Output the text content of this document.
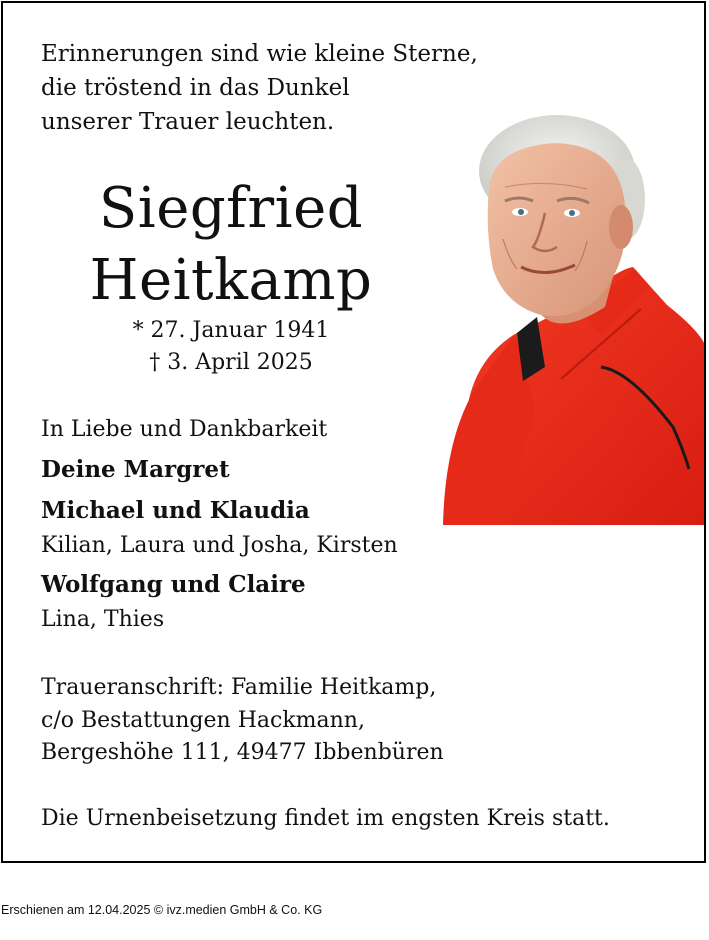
Erinnerungen sind wie kleine Sterne,
die tröstend in das Dunkel
unserer Trauer leuchten.
Siegfried
Heitkamp
* 27. Januar 1941
† 3. April 2025
In Liebe und Dankbarkeit
Deine Margret
Michael und Klaudia
Kilian, Laura und Josha, Kirsten
Wolfgang und Claire
Lina, Thies
Traueranschrift: Familie Heitkamp,
c/o Bestattungen Hackmann,
Bergeshöhe 111, 49477 Ibbenbüren
Die Urnenbeisetzung findet im engsten Kreis statt.
Erschienen am 12.04.2025 © ivz.medien GmbH & Co. KG
